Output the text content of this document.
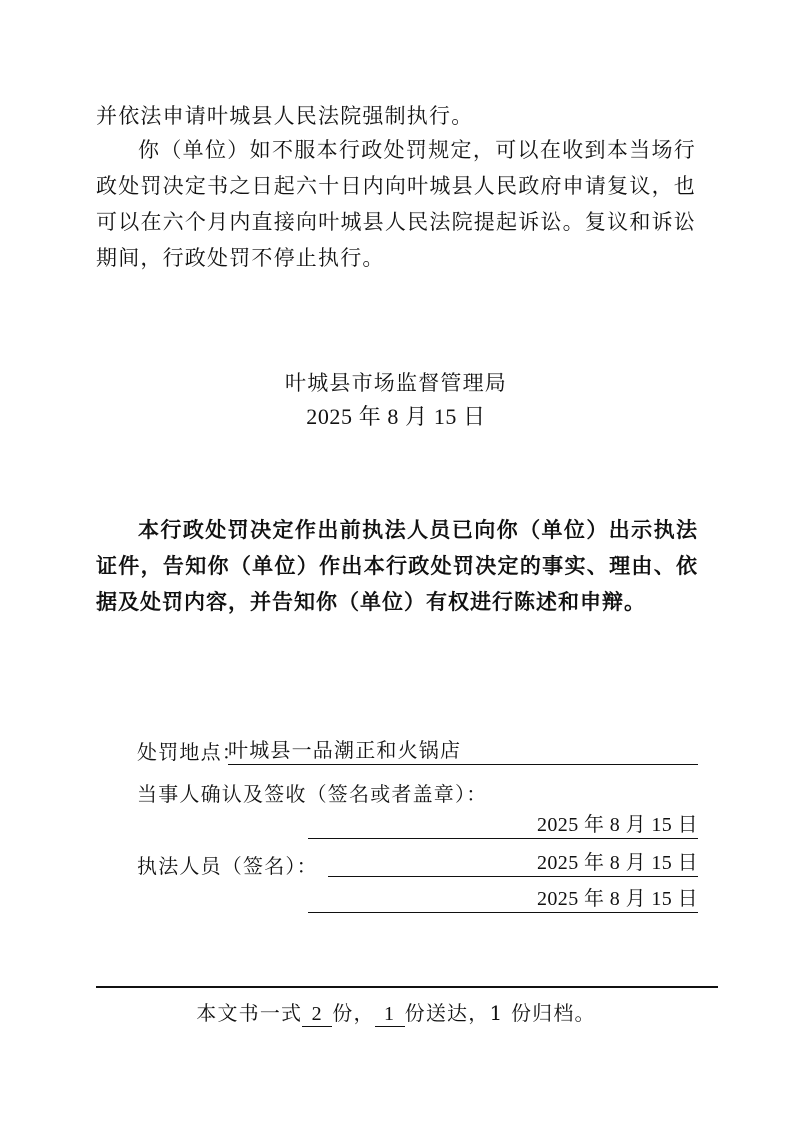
并依法申请叶城县人民法院强制执行。
你（单位）如不服本行政处罚规定，可以在收到本当场行政处罚决定书之日起六十日内向叶城县人民政府申请复议，也可以在六个月内直接向叶城县人民法院提起诉讼。复议和诉讼期间，行政处罚不停止执行。
叶城县市场监督管理局
2025 年 8 月 15 日
本行政处罚决定作出前执法人员已向你（单位）出示执法证件，告知你（单位）作出本行政处罚决定的事实、理由、依据及处罚内容，并告知你（单位）有权进行陈述和申辩。
处罚地点：
叶城县一品潮正和火锅店
当事人确认及签收（签名或者盖章）：
2025 年 8 月 15 日
执法人员（签名）：	2025 年 8 月 15 日
2025 年 8 月 15 日
本文书一式 2 份， 1 份送达，1 份归档。
